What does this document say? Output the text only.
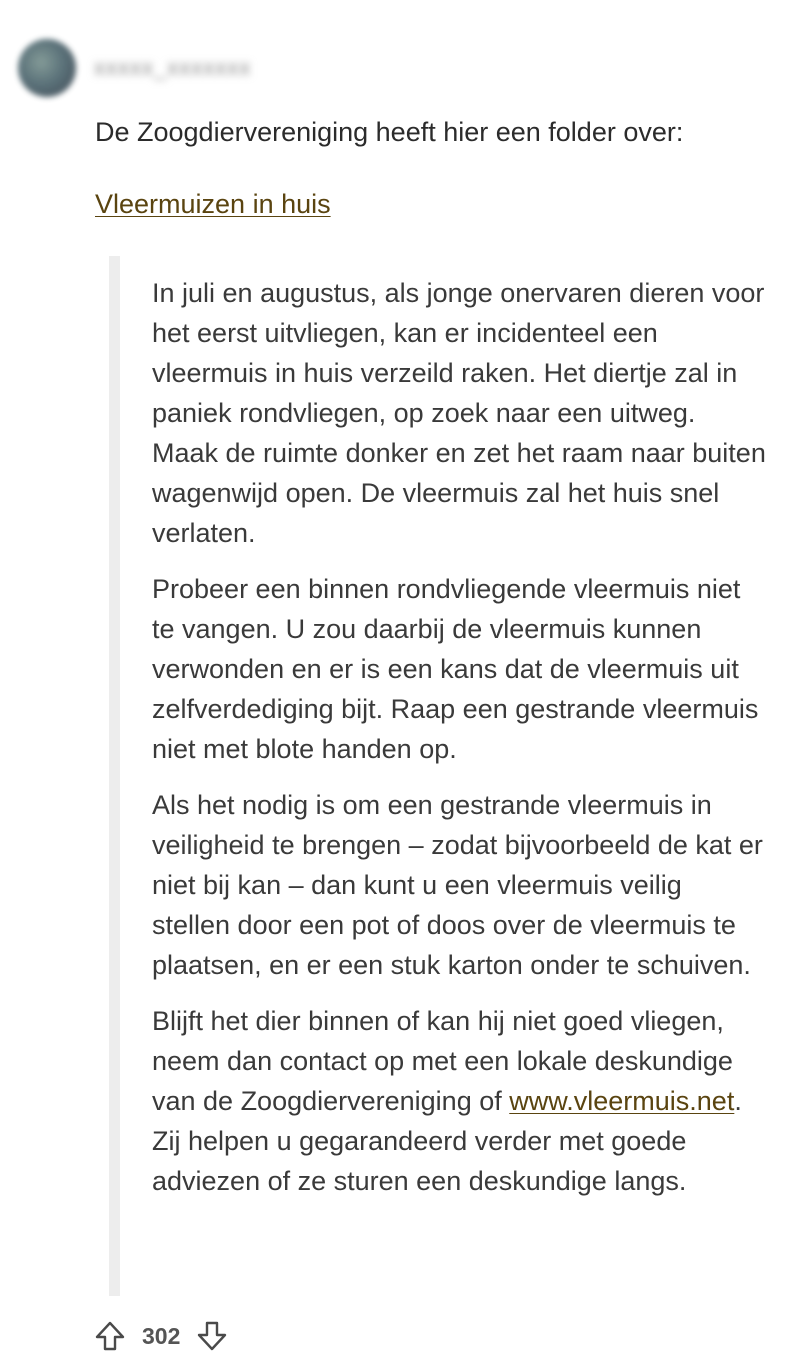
xxxxx_xxxxxxx
De Zoogdiervereniging heeft hier een folder over:
Vleermuizen in huis

In juli en augustus, als jonge onervaren dieren voor het eerst uitvliegen, kan er incidenteel een vleermuis in huis verzeild raken. Het diertje zal in paniek rondvliegen, op zoek naar een uitweg. Maak de ruimte donker en zet het raam naar buiten wagenwijd open. De vleermuis zal het huis snel verlaten.

Probeer een binnen rondvliegende vleermuis niet te vangen. U zou daarbij de vleermuis kunnen verwonden en er is een kans dat de vleermuis uit zelfverdediging bijt. Raap een gestrande vleermuis niet met blote handen op.

Als het nodig is om een gestrande vleermuis in veiligheid te brengen – zodat bijvoorbeeld de kat er niet bij kan – dan kunt u een vleermuis veilig stellen door een pot of doos over de vleermuis te plaatsen, en er een stuk karton onder te schuiven.

Blijft het dier binnen of kan hij niet goed vliegen, neem dan contact op met een lokale deskundige van de Zoogdiervereniging of www.vleermuis.net. Zij helpen u gegarandeerd verder met goede adviezen of ze sturen een deskundige langs.

302
